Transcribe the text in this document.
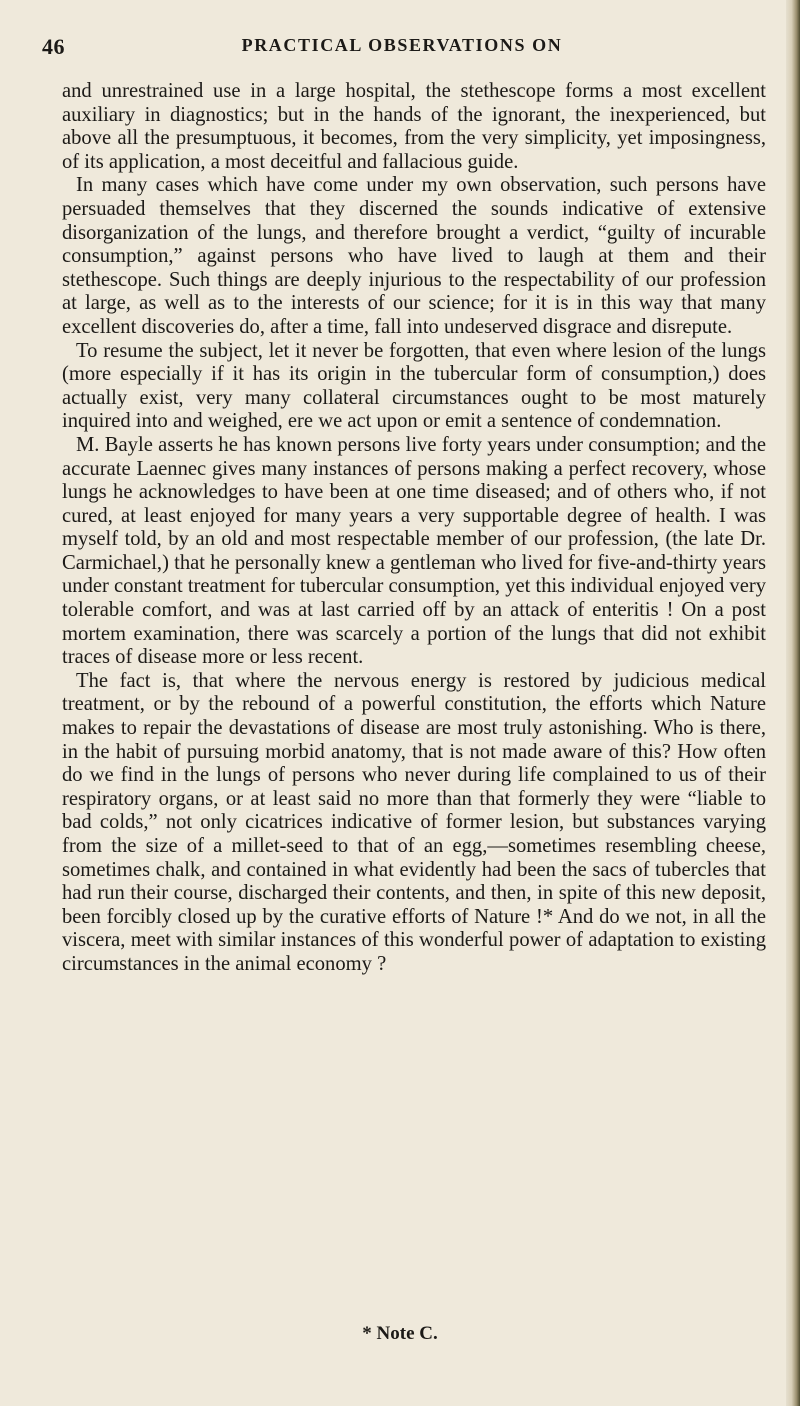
46	PRACTICAL OBSERVATIONS ON

and unrestrained use in a large hospital, the stethescope forms a most excellent auxiliary in diagnostics; but in the hands of the ignorant, the inexperienced, but above all the presumptuous, it becomes, from the very simplicity, yet imposingness, of its application, a most deceitful and fallacious guide.

In many cases which have come under my own observation, such persons have persuaded themselves that they discerned the sounds indicative of extensive disorganization of the lungs, and therefore brought a verdict, “guilty of incurable consumption,” against persons who have lived to laugh at them and their stethescope. Such things are deeply injurious to the respectability of our profession at large, as well as to the interests of our science; for it is in this way that many excellent discoveries do, after a time, fall into undeserved disgrace and disrepute.

To resume the subject, let it never be forgotten, that even where lesion of the lungs (more especially if it has its origin in the tubercular form of consumption,) does actually exist, very many collateral circumstances ought to be most maturely inquired into and weighed, ere we act upon or emit a sentence of condemnation.

M. Bayle asserts he has known persons live forty years under consumption; and the accurate Laennec gives many instances of persons making a perfect recovery, whose lungs he acknowledges to have been at one time diseased; and of others who, if not cured, at least enjoyed for many years a very supportable degree of health. I was myself told, by an old and most respectable member of our profession, (the late Dr. Carmichael,) that he personally knew a gentleman who lived for five-and-thirty years under constant treatment for tubercular consumption, yet this individual enjoyed very tolerable comfort, and was at last carried off by an attack of enteritis ! On a post mortem examination, there was scarcely a portion of the lungs that did not exhibit traces of disease more or less recent.

The fact is, that where the nervous energy is restored by judicious medical treatment, or by the rebound of a powerful constitution, the efforts which Nature makes to repair the devastations of disease are most truly astonishing. Who is there, in the habit of pursuing morbid anatomy, that is not made aware of this? How often do we find in the lungs of persons who never during life complained to us of their respiratory organs, or at least said no more than that formerly they were “liable to bad colds,” not only cicatrices indicative of former lesion, but substances varying from the size of a millet-seed to that of an egg,—sometimes resembling cheese, sometimes chalk, and contained in what evidently had been the sacs of tubercles that had run their course, discharged their contents, and then, in spite of this new deposit, been forcibly closed up by the curative efforts of Nature !* And do we not, in all the viscera, meet with similar instances of this wonderful power of adaptation to existing circumstances in the animal economy ?

* Note C.
